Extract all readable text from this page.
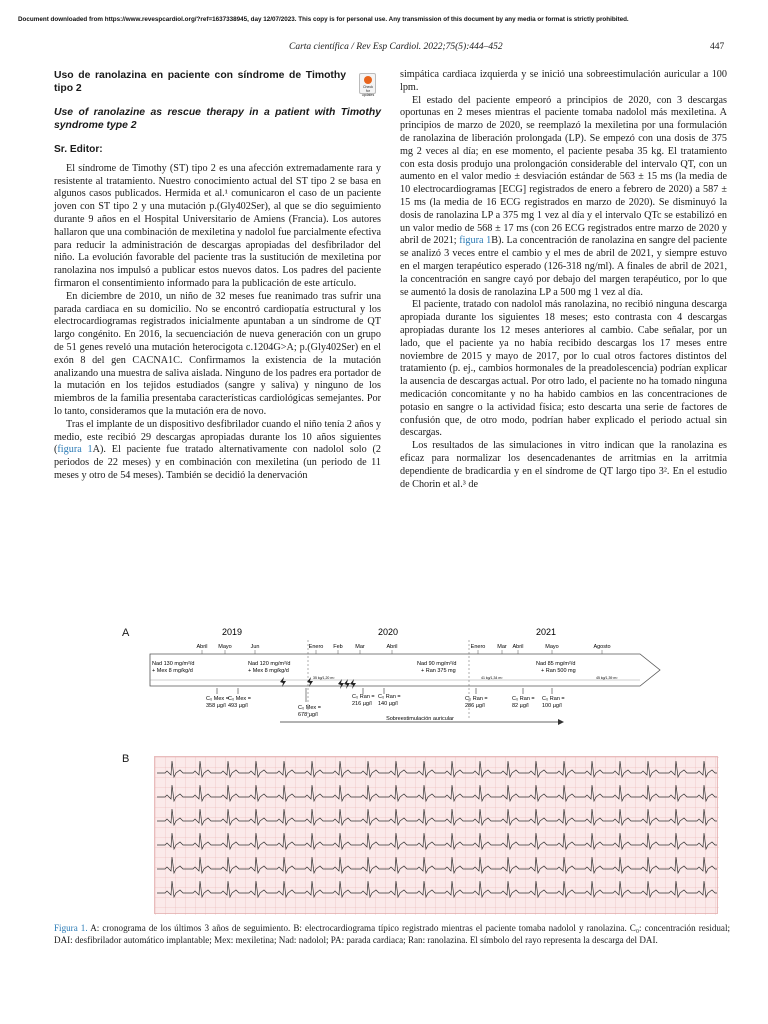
Document downloaded from https://www.revespcardiol.org/?ref=1637338945, day 12/07/2023. This copy is for personal use. Any transmission of this document by any media or format is strictly prohibited.
Carta científica / Rev Esp Cardiol. 2022;75(5):444–452	447
Check for updates
Uso de ranolazina en paciente con síndrome de Timothy tipo 2
Use of ranolazine as rescue therapy in a patient with Timothy syndrome type 2
Sr. Editor:

El síndrome de Timothy (ST) tipo 2 es una afección extremadamente rara y resistente al tratamiento. Nuestro conocimiento actual del ST tipo 2 se basa en algunos casos publicados. Hermida et al.¹ comunicaron el caso de un paciente joven con ST tipo 2 y una mutación p.(Gly402Ser), al que se dio seguimiento durante 9 años en el Hospital Universitario de Amiens (Francia). Los autores hallaron que una combinación de mexiletina y nadolol fue parcialmente efectiva para reducir la administración de descargas apropiadas del desfibrilador del niño. La evolución favorable del paciente tras la sustitución de mexiletina por ranolazina nos impulsó a publicar estos nuevos datos. Los padres del paciente firmaron el consentimiento informado para la publicación de este artículo.

En diciembre de 2010, un niño de 32 meses fue reanimado tras sufrir una parada cardiaca en su domicilio. No se encontró cardiopatía estructural y los electrocardiogramas registrados inicialmente apuntaban a un síndrome de QT largo congénito. En 2016, la secuenciación de nueva generación con un grupo de 51 genes reveló una mutación heterocigota c.1204G>A; p.(Gly402Ser) en el exón 8 del gen CACNA1C. Confirmamos la existencia de la mutación analizando una muestra de saliva aislada. Ninguno de los padres era portador de la mutación en los tejidos estudiados (sangre y saliva) y ninguno de los miembros de la familia presentaba características cardiológicas semejantes. Por lo tanto, consideramos que la mutación era de novo.

Tras el implante de un dispositivo desfibrilador cuando el niño tenía 2 años y medio, este recibió 29 descargas apropiadas durante los 10 años siguientes (figura 1A). El paciente fue tratado alternativamente con nadolol solo (2 periodos de 22 meses) y en combinación con mexiletina (un periodo de 11 meses y otro de 54 meses). También se decidió la denervación

simpática cardiaca izquierda y se inició una sobreestimulación auricular a 100 lpm.

El estado del paciente empeoró a principios de 2020, con 3 descargas oportunas en 2 meses mientras el paciente tomaba nadolol más mexiletina. A principios de marzo de 2020, se reemplazó la mexiletina por una formulación de ranolazina de liberación prolongada (LP). Se empezó con una dosis de 375 mg 2 veces al día; en ese momento, el paciente pesaba 35 kg. El tratamiento con esta dosis produjo una prolongación considerable del intervalo QT, con un aumento en el valor medio ± desviación estándar de 563 ± 15 ms (la media de 10 electrocardiogramas [ECG] registrados de enero a febrero de 2020) a 587 ± 15 ms (la media de 16 ECG registrados en marzo de 2020). Se disminuyó la dosis de ranolazina LP a 375 mg 1 vez al día y el intervalo QTc se estabilizó en un valor medio de 568 ± 17 ms (con 26 ECG registrados entre marzo de 2020 y abril de 2021; figura 1B). La concentración de ranolazina en sangre del paciente se analizó 3 veces entre el cambio y el mes de abril de 2021, y siempre estuvo en el margen terapéutico esperado (126-318 ng/ml). A finales de abril de 2021, la concentración en sangre cayó por debajo del margen terapéutico, por lo que se aumentó la dosis de ranolazina LP a 500 mg 1 vez al día.

El paciente, tratado con nadolol más ranolazina, no recibió ninguna descarga apropiada durante los siguientes 18 meses; esto contrasta con 4 descargas apropiadas durante los 12 meses anteriores al cambio. Cabe señalar, por un lado, que el paciente ya no había recibido descargas los 17 meses entre noviembre de 2015 y mayo de 2017, por lo cual otros factores distintos del tratamiento (p. ej., cambios hormonales de la preadolescencia) podrían explicar la ausencia de descargas actual. Por otro lado, el paciente no ha tomado ninguna medicación concomitante y no ha habido cambios en las concentraciones de potasio en sangre o la actividad física; esto descarta una serie de factores de confusión que, de otro modo, podrían haber explicado el periodo actual sin descargas.

Los resultados de las simulaciones in vitro indican que la ranolazina es eficaz para normalizar los desencadenantes de arritmias en la arritmia dependiente de bradicardia y en el síndrome de QT largo tipo 3². En el estudio de Chorin et al.³ de

A
B
2019	2020	2021
Abril Mayo	Jun	Enero Feb Mar	Abril	Enero Mar Abril	Mayo	Agosto
Nad 130 mg/m²/d
+ Mex 8 mg/kg/d
Nad 120 mg/m²/d
+ Mex 8 mg/kg/d
Nad 90 mg/m²/d
+ Ran 375 mg
Nad 85 mg/m²/d
+ Ran 500 mg
35 kg/1,20 m²	41 kg/1,34 m²	45 kg/1,39 m²
C₀ Mex =
358 µg/l
C₀ Mex =
493 µg/l	C₀ Mex =
678 µg/l
C₀ Ran =
216 µg/l
C₀ Ran =
140 µg/l
C₀ Ran =
286 µg/l
C₀ Ran =
82 µg/l
C₀ Ran =
100 µg/l
Sobreestimulación auricular
Figura 1. A: cronograma de los últimos 3 años de seguimiento. B: electrocardiograma típico registrado mientras el paciente tomaba nadolol y ranolazina. C₀: concentración residual; DAI: desfibrilador automático implantable; Mex: mexiletina; Nad: nadolol; PA: parada cardiaca; Ran: ranolazina. El símbolo del rayo representa la descarga del DAI.
